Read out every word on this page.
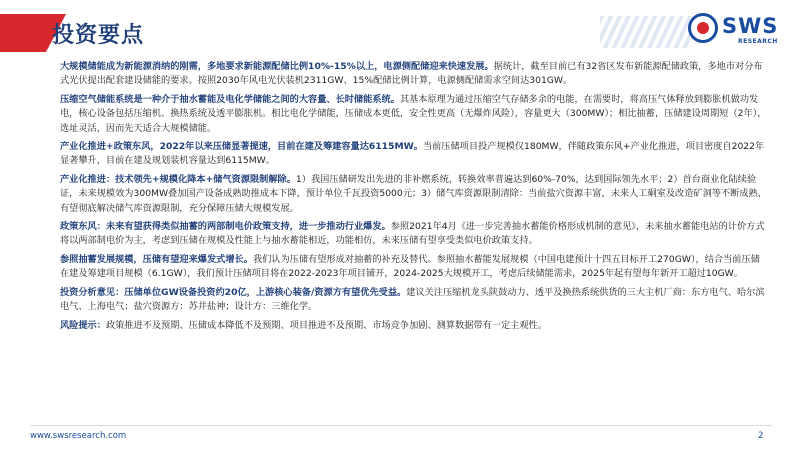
投资要点	SWS
RESEARCH

大规模储能成为新能源消纳的刚需，多地要求新能源配储比例10%-15%以上，电源侧配储迎来快速发展。据统计，截至目前已有32省区发布新能源配储政策，多地市对分布式光伏提出配套建设储能的要求。按照2030年风电光伏装机2311GW、15%配储比例计算，电源侧配储需求空间达301GW。

压缩空气储能系统是一种介于抽水蓄能及电化学储能之间的大容量、长时储能系统。其基本原理为通过压缩空气存储多余的电能，在需要时，将高压气体释放到膨胀机做功发电，核心设备包括压缩机、换热系统及透平膨胀机。相比电化学储能，压储成本更低，安全性更高（无爆炸风险），容量更大（300MW）；相比抽蓄，压储建设周期短（2年），选址灵活，因而先天适合大规模储能。

产业化推进+政策东风，2022年以来压储显著提速，目前在建及筹建容量达6115MW。当前压储项目投产规模仅180MW，伴随政策东风+产业化推进，项目密度自2022年显著攀升，目前在建及规划装机容量达到6115MW。

产业化推进：技术领先+规模化降本+储气资源限制解除。1）我国压储研发出先进的非补燃系统，转换效率普遍达到60%-70%，达到国际领先水平；2）首台商业化陆续验证，未来规模效为300MW叠加国产设备成熟助推成本下降，预计单位千瓦投资5000元；3）储气库资源限制清除：当前盐穴资源丰富，未来人工硐室及改造矿洞等不断成熟，有望彻底解决储气库资源限制，充分保障压储大规模发展。

政策东风：未来有望获得类似抽蓄的两部制电价政策支持，进一步推动行业爆发。参照2021年4月《进一步完善抽水蓄能价格形成机制的意见》，未来抽水蓄能电站的计价方式将以两部制电价为主，考虑到压储在规模及性能上与抽水蓄能相近，功能相仿，未来压储有望享受类似电价政策支持。

参照抽蓄发展规模，压储有望迎来爆发式增长。我们认为压储有望形成对抽蓄的补充及替代。参照抽水蓄能发展规模（中国电建预计十四五目标开工270GW），结合当前压储在建及筹建项目规模（6.1GW），我们预计压储项目将在2022-2023年项目铺开，2024-2025大规模开工，考虑后续储能需求，2025年起有望每年新开工超过10GW。

投资分析意见：压储单位GW设备投资约20亿，上游核心装备/资源方有望优先受益。建议关注压缩机龙头陕鼓动力、透平及换热系统供货的三大主机厂商：东方电气、哈尔滨电气、上海电气；盐穴资源方：苏井盐神；设计方：三维化学。

风险提示：政策推进不及预期、压储成本降低不及预期、项目推进不及预期、市场竞争加剧、测算数据带有一定主观性。

www.swsresearch.com	2
